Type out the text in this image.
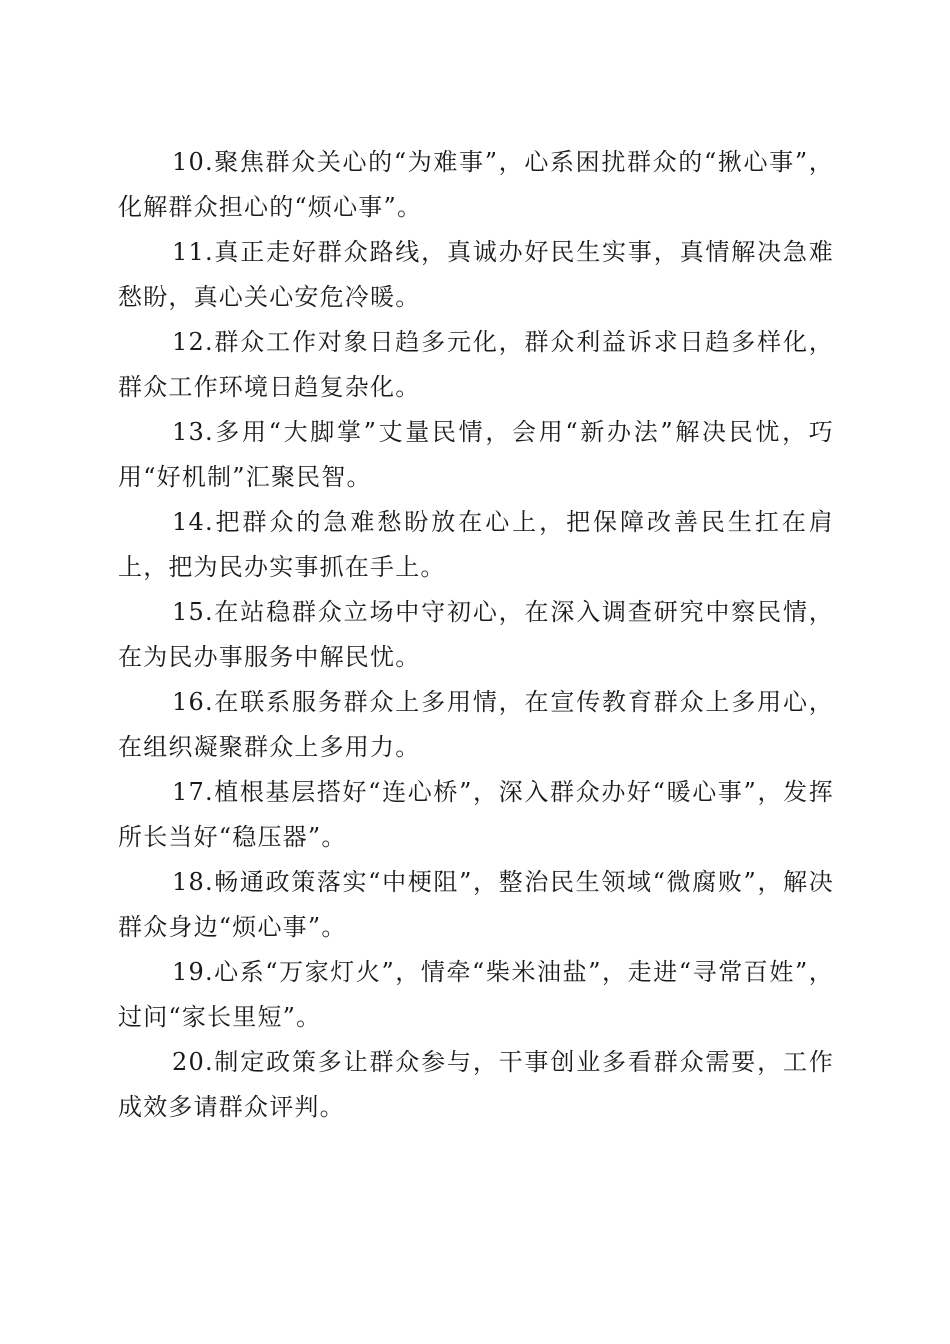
10.聚焦群众关心的“为难事”，心系困扰群众的“揪心事”，化解群众担心的“烦心事”。

11.真正走好群众路线，真诚办好民生实事，真情解决急难愁盼，真心关心安危冷暖。

12.群众工作对象日趋多元化，群众利益诉求日趋多样化，群众工作环境日趋复杂化。

13.多用“大脚掌”丈量民情，会用“新办法”解决民忧，巧用“好机制”汇聚民智。

14.把群众的急难愁盼放在心上，把保障改善民生扛在肩上，把为民办实事抓在手上。

15.在站稳群众立场中守初心，在深入调查研究中察民情，在为民办事服务中解民忧。

16.在联系服务群众上多用情，在宣传教育群众上多用心，在组织凝聚群众上多用力。

17.植根基层搭好“连心桥”，深入群众办好“暖心事”，发挥所长当好“稳压器”。

18.畅通政策落实“中梗阻”，整治民生领域“微腐败”，解决群众身边“烦心事”。

19.心系“万家灯火”，情牵“柴米油盐”，走进“寻常百姓”，过问“家长里短”。

20.制定政策多让群众参与，干事创业多看群众需要，工作成效多请群众评判。
